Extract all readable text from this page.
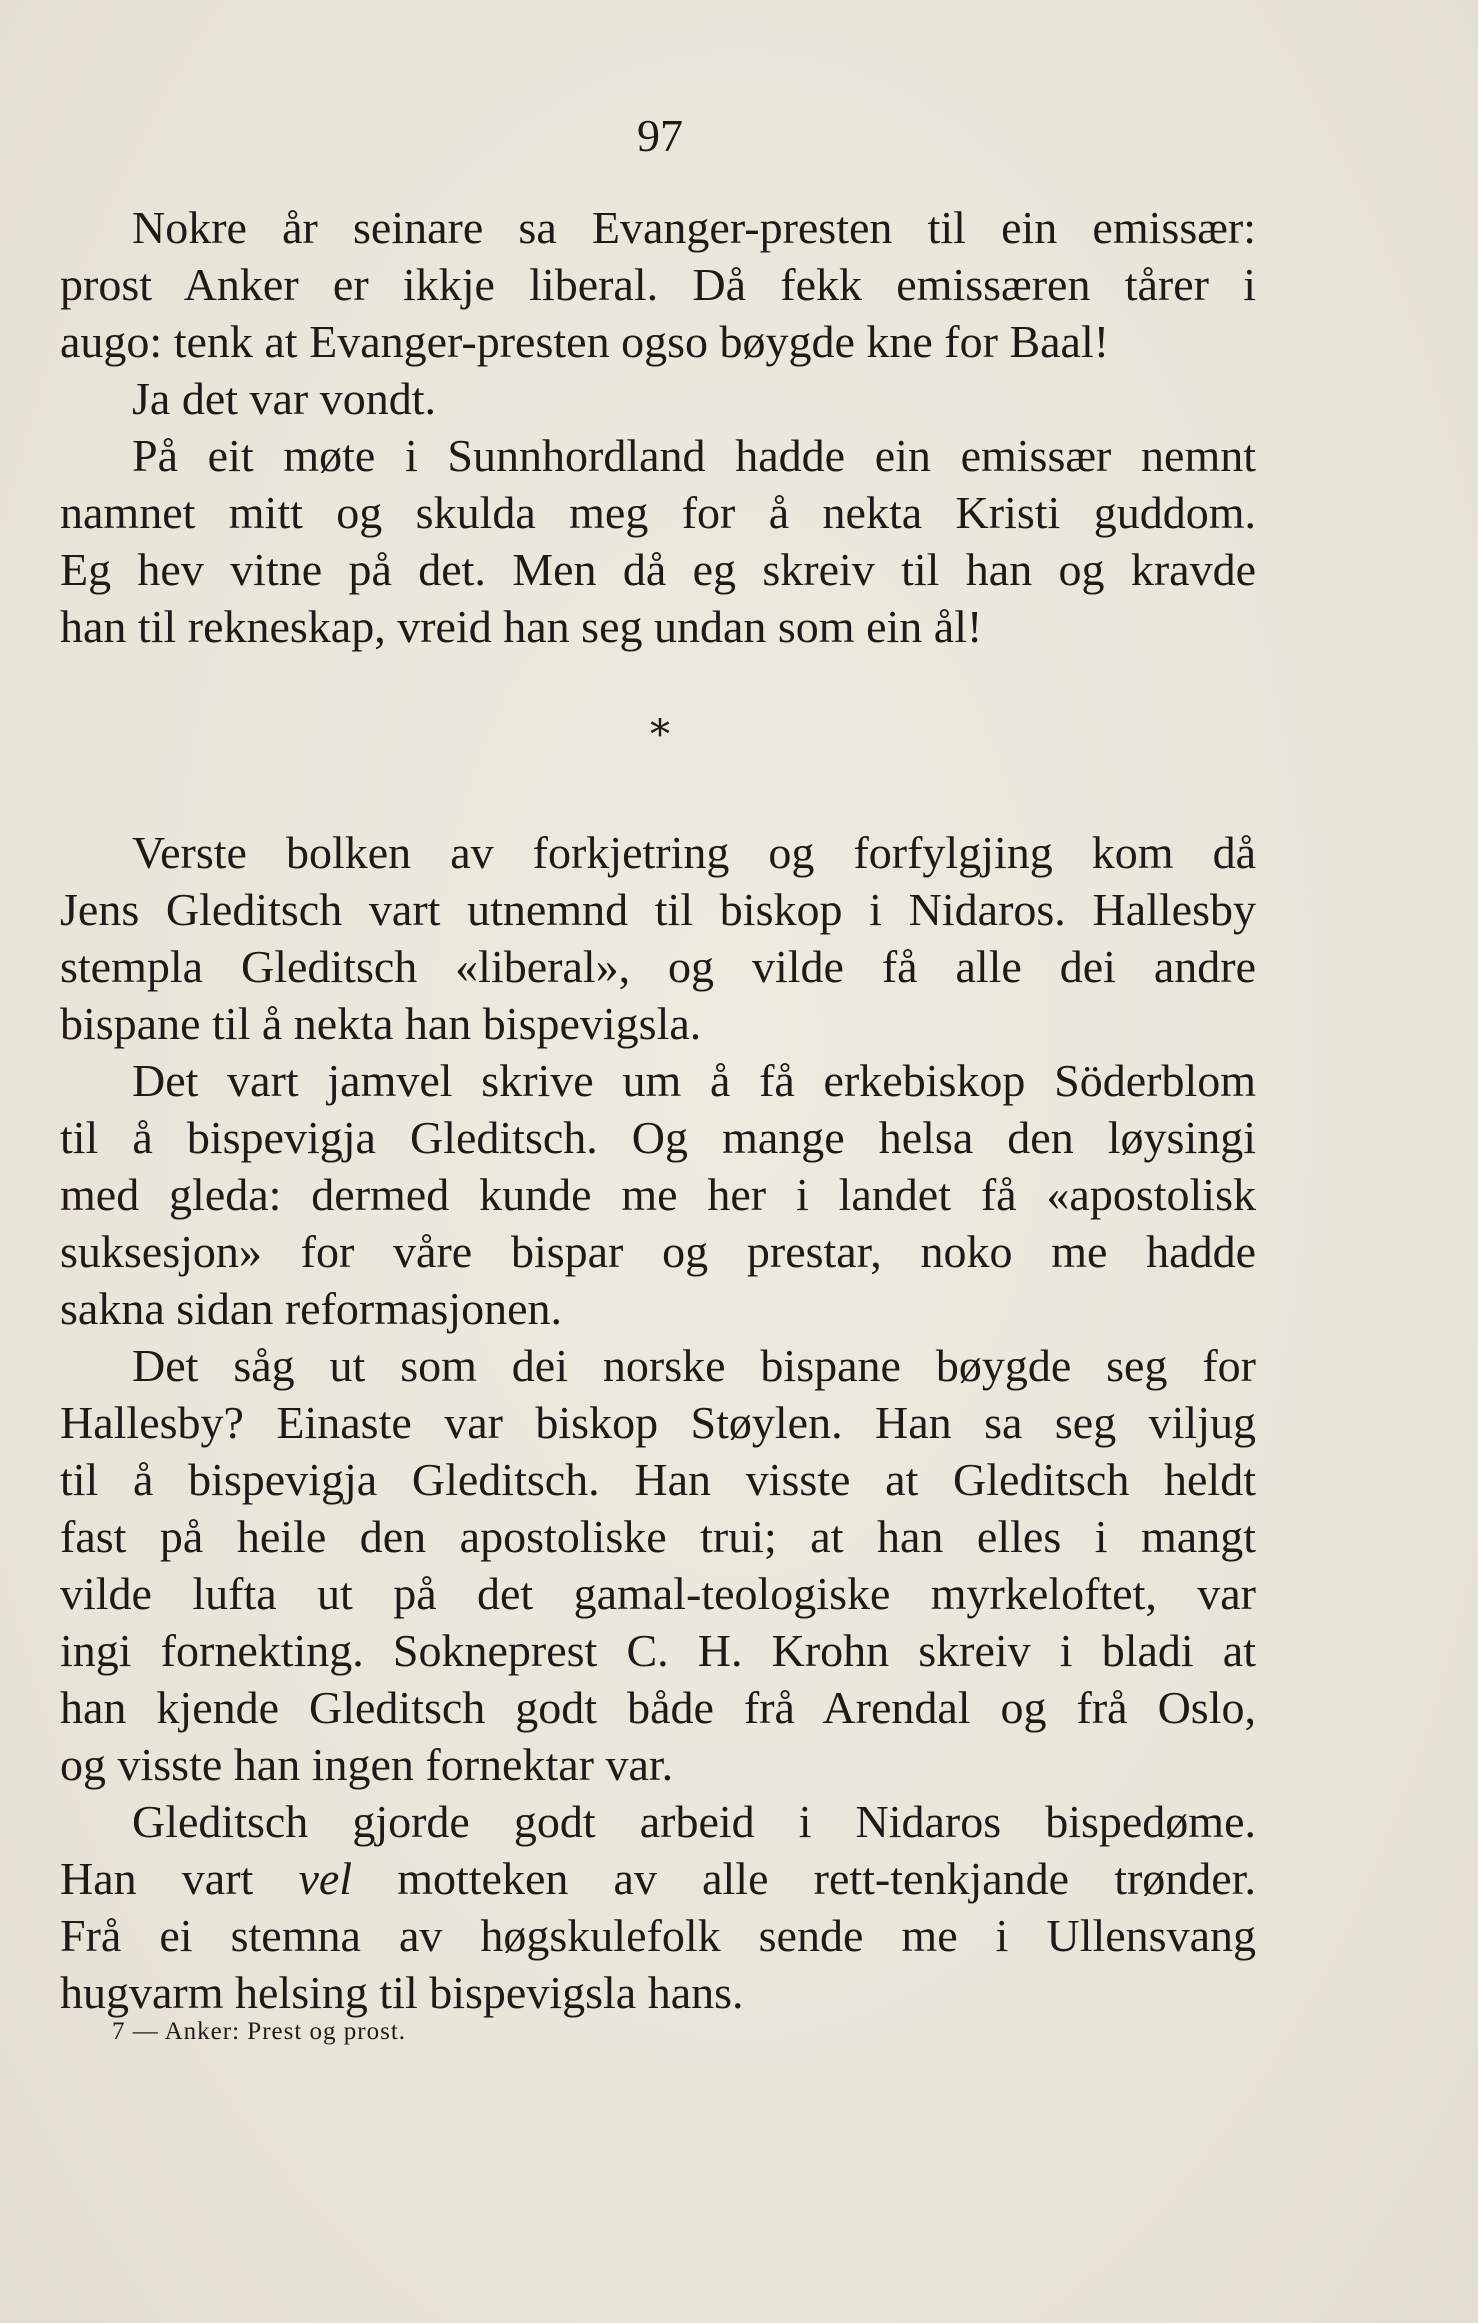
97
Nokre år seinare sa Evanger-presten til ein emissær:
prost Anker er ikkje liberal. Då fekk emissæren tårer i
augo: tenk at Evanger-presten ogso bøygde kne for Baal!
Ja det var vondt.
På eit møte i Sunnhordland hadde ein emissær nemnt
namnet mitt og skulda meg for å nekta Kristi guddom.
Eg hev vitne på det. Men då eg skreiv til han og kravde
han til rekneskap, vreid han seg undan som ein ål!
*
Verste bolken av forkjetring og forfylgjing kom då
Jens Gleditsch vart utnemnd til biskop i Nidaros. Hallesby
stempla Gleditsch «liberal», og vilde få alle dei andre
bispane til å nekta han bispevigsla.
Det vart jamvel skrive um å få erkebiskop Söderblom
til å bispevigja Gleditsch. Og mange helsa den løysingi
med gleda: dermed kunde me her i landet få «apostolisk
suksesjon» for våre bispar og prestar, noko me hadde
sakna sidan reformasjonen.
Det såg ut som dei norske bispane bøygde seg for
Hallesby? Einaste var biskop Støylen. Han sa seg viljug
til å bispevigja Gleditsch. Han visste at Gleditsch heldt
fast på heile den apostoliske trui; at han elles i mangt
vilde lufta ut på det gamal-teologiske myrkeloftet, var
ingi fornekting. Sokneprest C. H. Krohn skreiv i bladi at
han kjende Gleditsch godt både frå Arendal og frå Oslo,
og visste han ingen fornektar var.
Gleditsch gjorde godt arbeid i Nidaros bispedøme.
Han vart vel motteken av alle rett-tenkjande trønder.
Frå ei stemna av høgskulefolk sende me i Ullensvang
hugvarm helsing til bispevigsla hans.
7 — Anker: Prest og prost.
